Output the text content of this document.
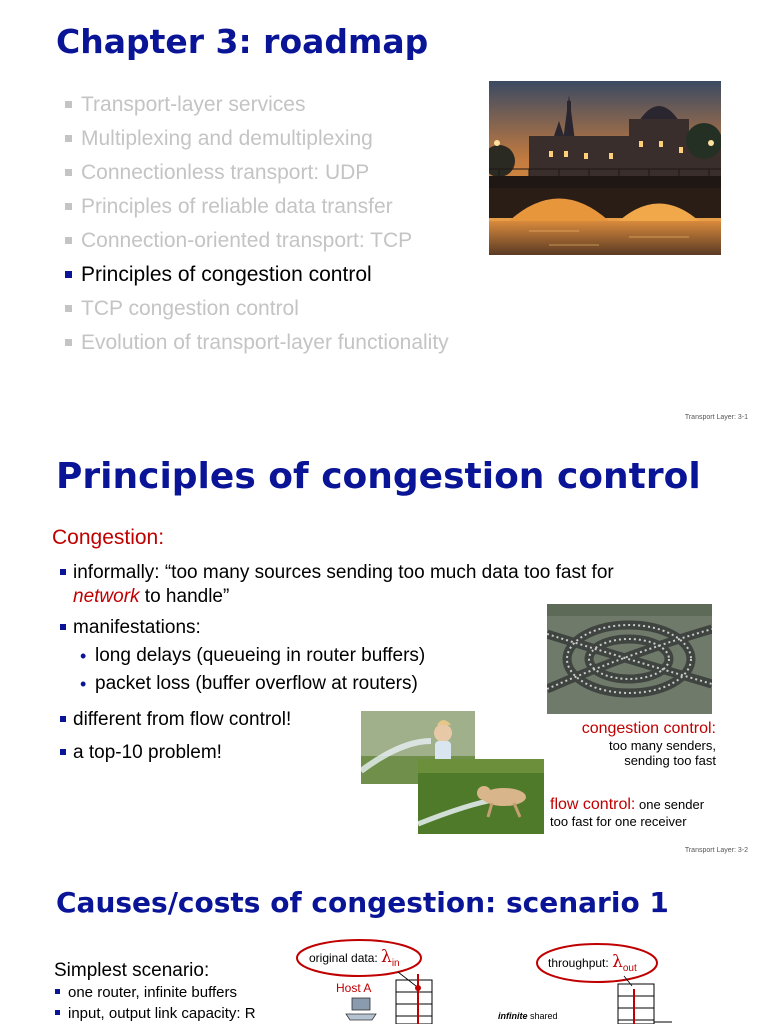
Chapter 3: roadmap
Transport-layer services
Multiplexing and demultiplexing
Connectionless transport: UDP
Principles of reliable data transfer
Connection-oriented transport: TCP
Principles of congestion control
TCP congestion control
Evolution of transport-layer functionality
Transport Layer: 3-1
Principles of congestion control
Congestion:
informally: “too many sources sending too much data too fast for
network to handle”
manifestations:
• long delays (queueing in router buffers)
• packet loss (buffer overflow at routers)
different from flow control!
a top-10 problem!
congestion control:
too many senders,
sending too fast
flow control: one sender
too fast for one receiver
Transport Layer: 3-2
Causes/costs of congestion: scenario 1
Simplest scenario:
one router, infinite buffers
input, output link capacity: R
original data: $\lambda_{in}$
Host A
throughput: $\lambda_{out}$
infinite shared
